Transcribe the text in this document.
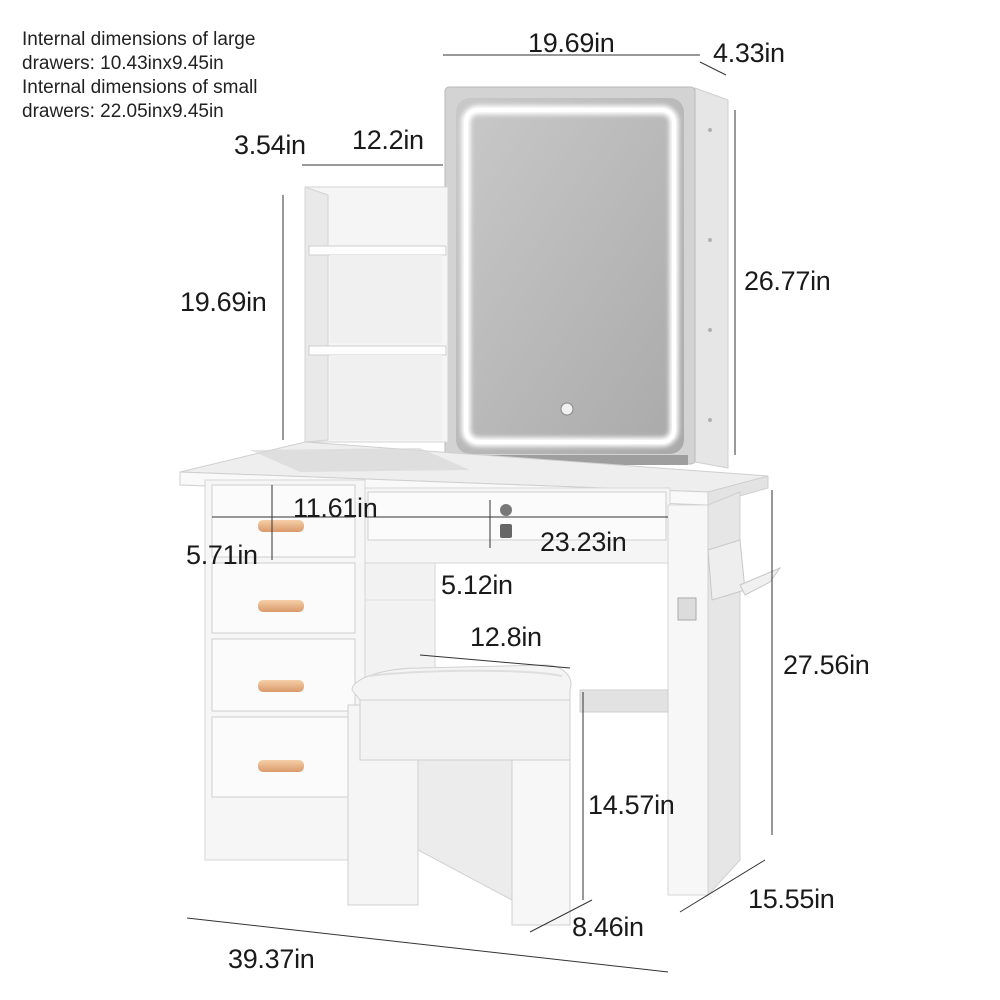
Internal dimensions of large
drawers: 10.43inx9.45in
Internal dimensions of small
drawers: 22.05inx9.45in
19.69in	4.33in
3.54in 12.2in
19.69in
26.77in
11.61in
5.71in	23.23in
5.12in
12.8in
27.56in
14.57in
15.55in
8.46in
39.37in
